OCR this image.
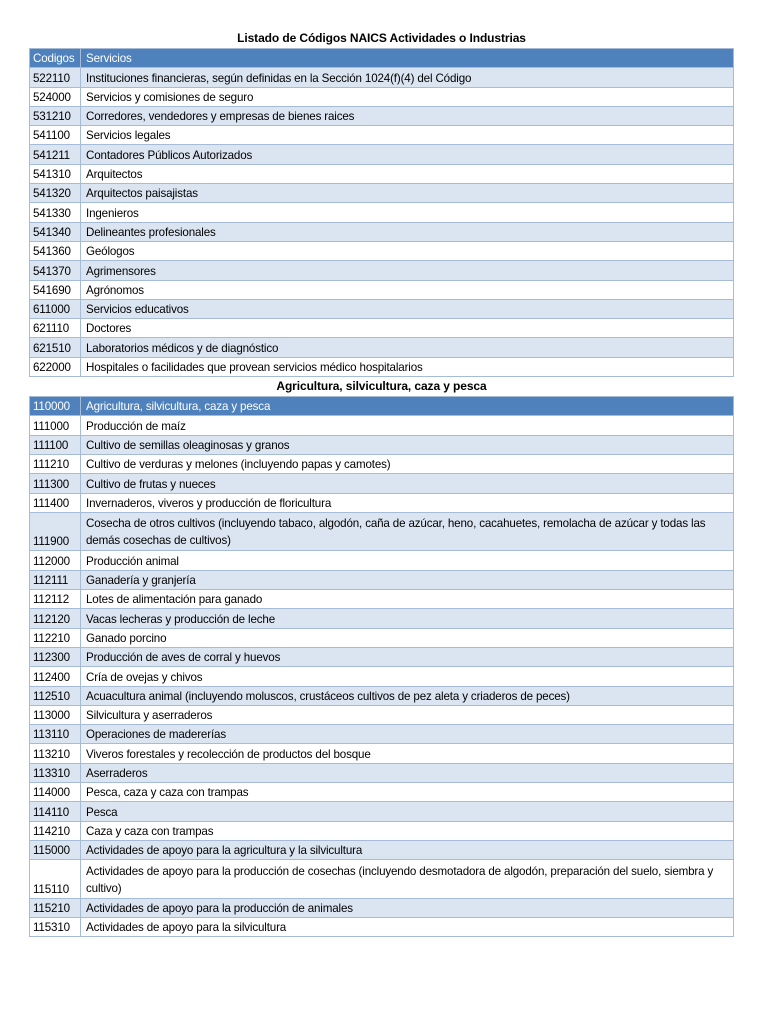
Listado de Códigos NAICS Actividades o Industrias
Codigos	Servicios
522110	Instituciones financieras, según definidas en la Sección 1024(f)(4) del Código
524000	Servicios y comisiones de seguro
531210	Corredores, vendedores y empresas de bienes raices
541100	Servicios legales
541211	Contadores Públicos Autorizados
541310	Arquitectos
541320	Arquitectos paisajistas
541330	Ingenieros
541340	Delineantes profesionales
541360	Geólogos
541370	Agrimensores
541690	Agrónomos
611000	Servicios educativos
621110	Doctores
621510	Laboratorios médicos y de diagnóstico
622000	Hospitales o facilidades que provean servicios médico hospitalarios
Agricultura, silvicultura, caza y pesca
110000	Agricultura, silvicultura, caza y pesca
111000	Producción de maíz
111100	Cultivo de semillas oleaginosas y granos
111210	Cultivo de verduras y melones (incluyendo papas y camotes)
111300	Cultivo de frutas y nueces
111400	Invernaderos, viveros y producción de floricultura
111900	Cosecha de otros cultivos (incluyendo tabaco, algodón, caña de azúcar, heno, cacahuetes, remolacha de azúcar y todas las demás cosechas de cultivos)
112000	Producción animal
112111	Ganadería y granjería
112112	Lotes de alimentación para ganado
112120	Vacas lecheras y producción de leche
112210	Ganado porcino
112300	Producción de aves de corral y huevos
112400	Cría de ovejas y chivos
112510	Acuacultura animal (incluyendo moluscos, crustáceos cultivos de pez aleta y criaderos de peces)
113000	Silvicultura y aserraderos
113110	Operaciones de madererías
113210	Viveros forestales y recolección de productos del bosque
113310	Aserraderos
114000	Pesca, caza y caza con trampas
114110	Pesca
114210	Caza y caza con trampas
115000	Actividades de apoyo para la agricultura y la silvicultura
115110	Actividades de apoyo para la producción de cosechas (incluyendo desmotadora de algodón, preparación del suelo, siembra y cultivo)
115210	Actividades de apoyo para la producción de animales
115310	Actividades de apoyo para la silvicultura
